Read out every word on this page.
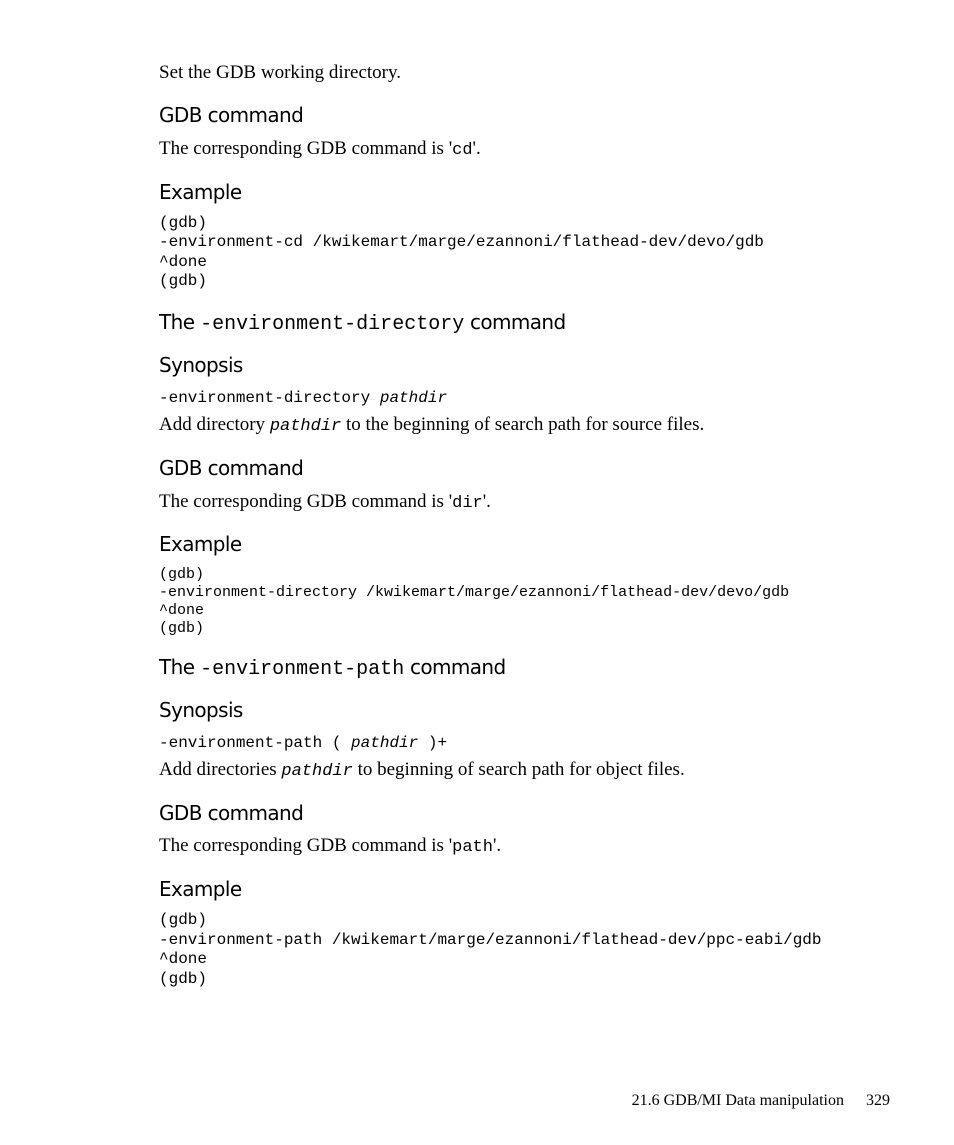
Set the GDB working directory.
GDB command
The corresponding GDB command is 'cd'.
Example
(gdb)
-environment-cd /kwikemart/marge/ezannoni/flathead-dev/devo/gdb
^done
(gdb)
The -environment-directory command
Synopsis
-environment-directory pathdir
Add directory pathdir to the beginning of search path for source files.
GDB command
The corresponding GDB command is 'dir'.
Example
(gdb)
-environment-directory /kwikemart/marge/ezannoni/flathead-dev/devo/gdb
^done
(gdb)
The -environment-path command
Synopsis
-environment-path ( pathdir )+
Add directories pathdir to beginning of search path for object files.
GDB command
The corresponding GDB command is 'path'.
Example
(gdb)
-environment-path /kwikemart/marge/ezannoni/flathead-dev/ppc-eabi/gdb
^done
(gdb)
21.6 GDB/MI Data manipulation 329
